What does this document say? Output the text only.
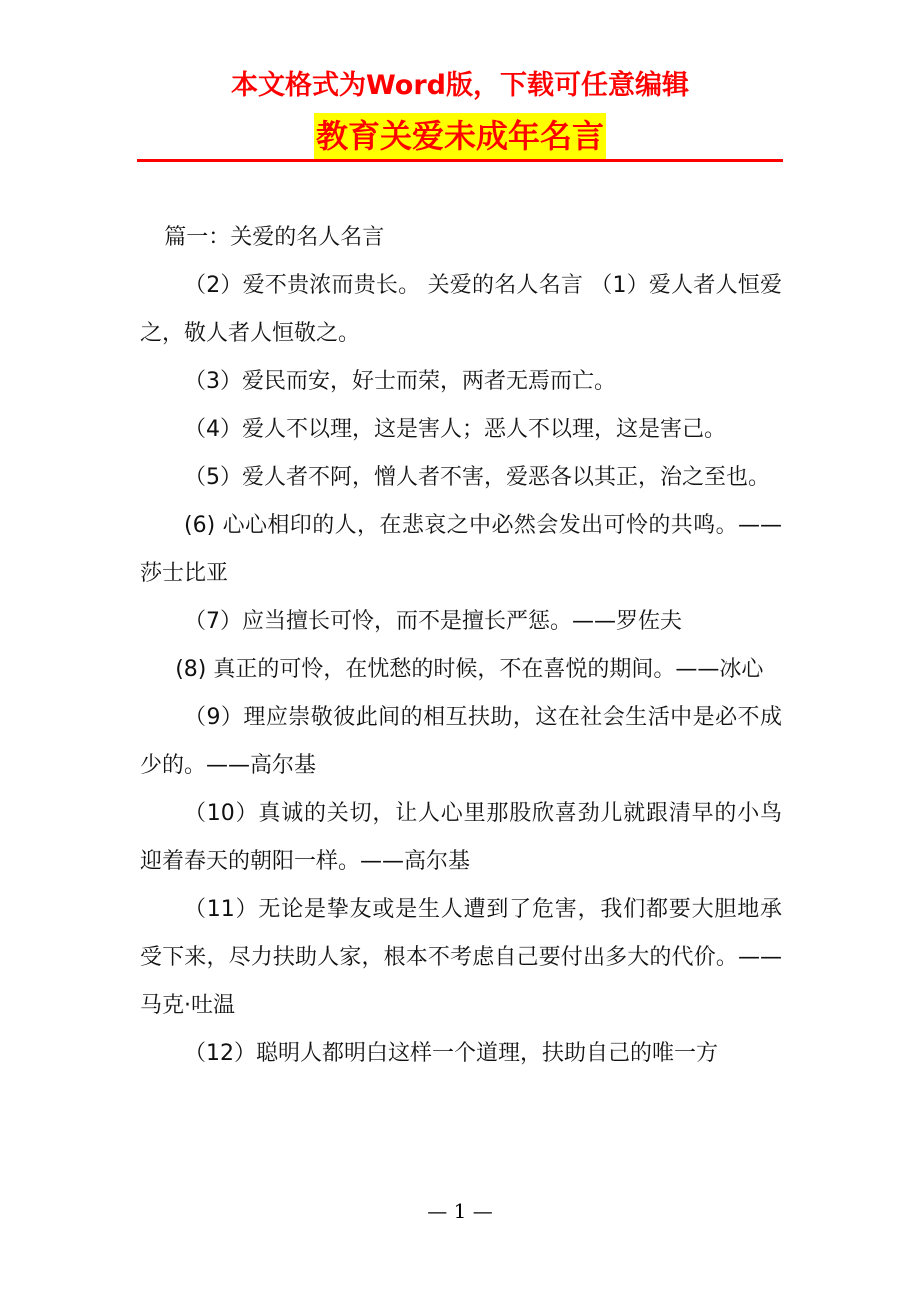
本文格式为Word版，下载可任意编辑
教育关爱未成年名言

篇一：关爱的名人名言

（2）爱不贵浓而贵长。 关爱的名人名言 （1）爱人者人恒爱之，敬人者人恒敬之。

（3）爱民而安，好士而荣，两者无焉而亡。

（4）爱人不以理，这是害人；恶人不以理，这是害己。

（5）爱人者不阿，憎人者不害，爱恶各以其正，治之至也。

(6) 心心相印的人，在悲哀之中必然会发出可怜的共鸣。——莎士比亚

（7）应当擅长可怜，而不是擅长严惩。——罗佐夫

(8) 真正的可怜，在忧愁的时候，不在喜悦的期间。——冰心

（9）理应崇敬彼此间的相互扶助，这在社会生活中是必不成少的。——高尔基

（10）真诚的关切，让人心里那股欣喜劲儿就跟清早的小鸟迎着春天的朝阳一样。——高尔基

（11）无论是挚友或是生人遭到了危害，我们都要大胆地承受下来，尽力扶助人家，根本不考虑自己要付出多大的代价。——马克·吐温

（12）聪明人都明白这样一个道理，扶助自己的唯一方

— 1 —
